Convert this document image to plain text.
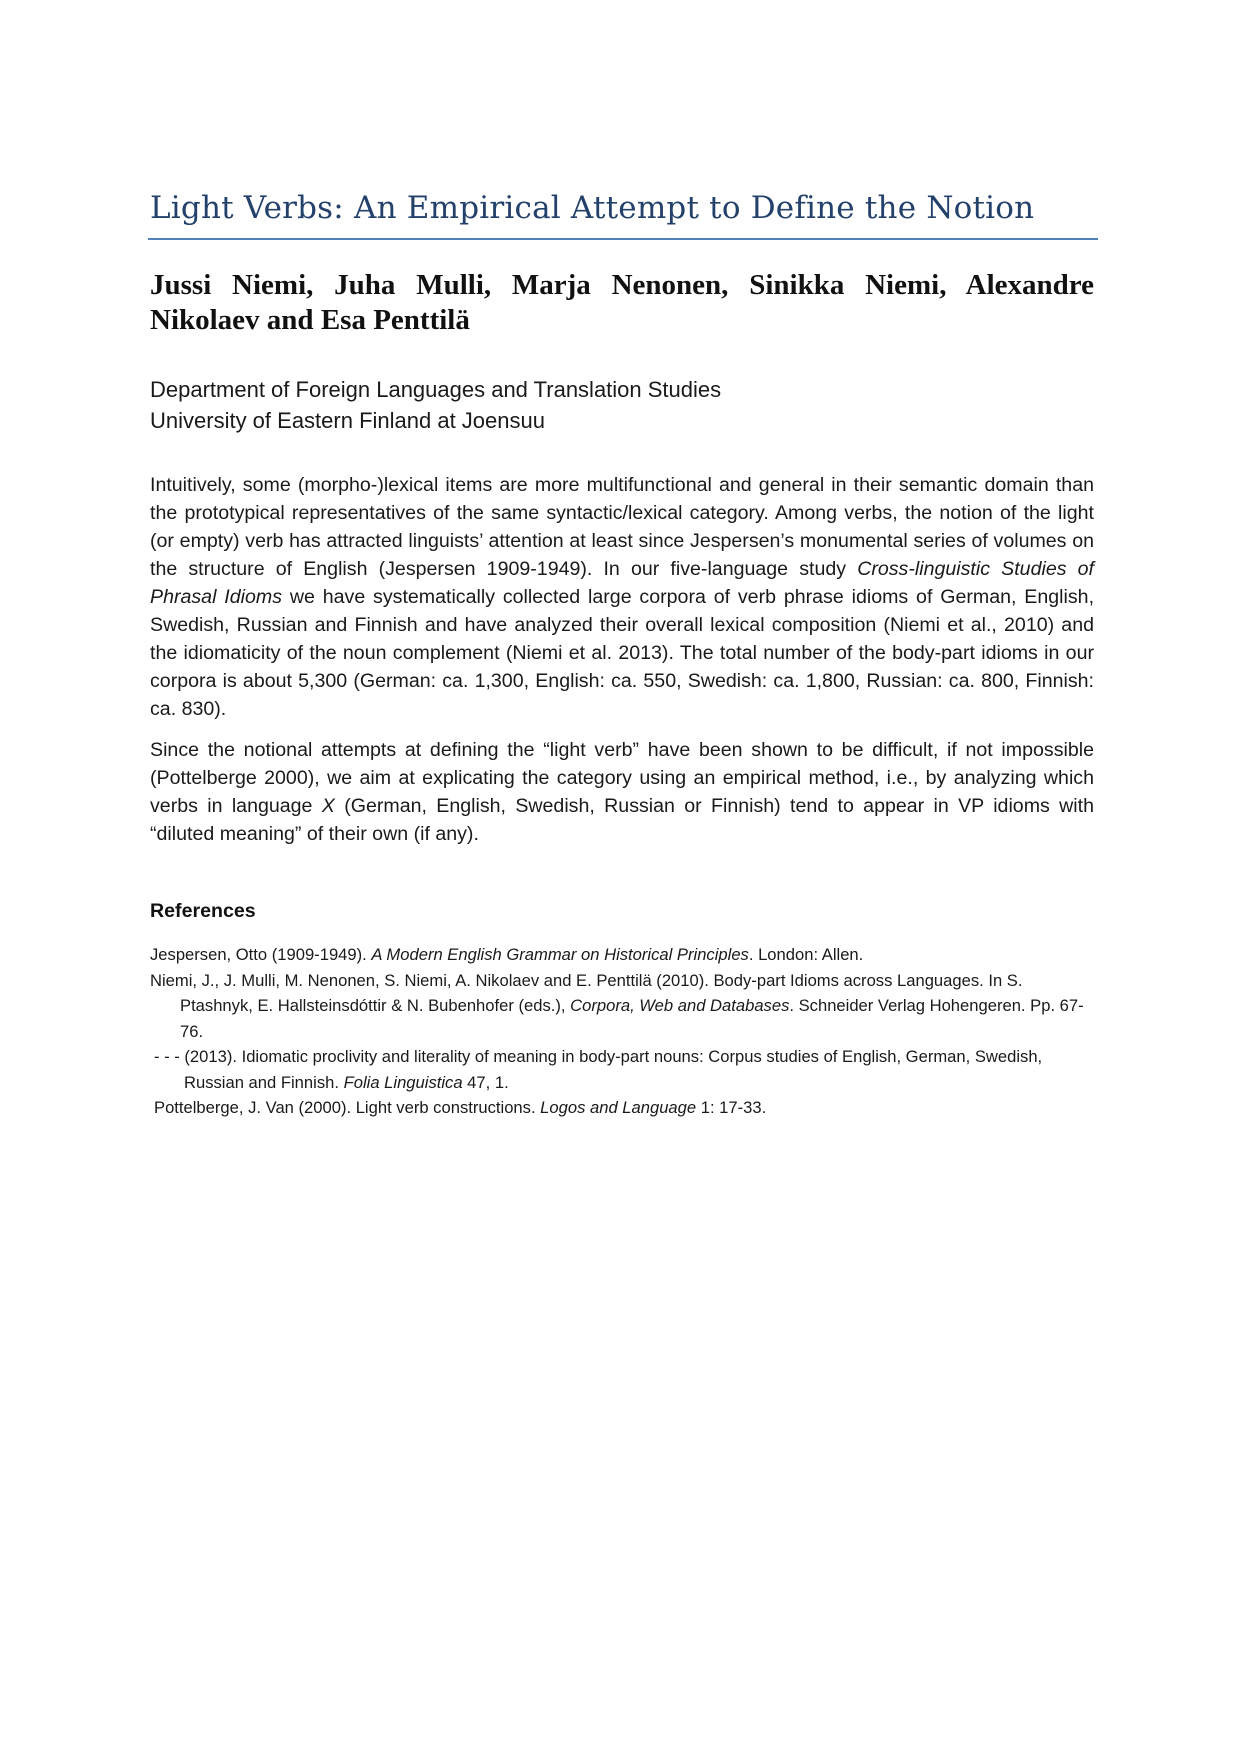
Light Verbs: An Empirical Attempt to Define the Notion
Jussi Niemi, Juha Mulli, Marja Nenonen, Sinikka Niemi, Alexandre Nikolaev and Esa Penttilä
Department of Foreign Languages and Translation Studies
University of Eastern Finland at Joensuu

Intuitively, some (morpho-)lexical items are more multifunctional and general in their semantic domain than the prototypical representatives of the same syntactic/lexical category. Among verbs, the notion of the light (or empty) verb has attracted linguists’ attention at least since Jespersen’s monumental series of volumes on the structure of English (Jespersen 1909-1949). In our five-language study Cross-linguistic Studies of Phrasal Idioms we have systematically collected large corpora of verb phrase idioms of German, English, Swedish, Russian and Finnish and have analyzed their overall lexical composition (Niemi et al., 2010) and the idiomaticity of the noun complement (Niemi et al. 2013). The total number of the body-part idioms in our corpora is about 5,300 (German: ca. 1,300, English: ca. 550, Swedish: ca. 1,800, Russian: ca. 800, Finnish: ca. 830).

Since the notional attempts at defining the “light verb” have been shown to be difficult, if not impossible (Pottelberge 2000), we aim at explicating the category using an empirical method, i.e., by analyzing which verbs in language X (German, English, Swedish, Russian or Finnish) tend to appear in VP idioms with “diluted meaning” of their own (if any).

References
Jespersen, Otto (1909-1949). A Modern English Grammar on Historical Principles. London: Allen.
Niemi, J., J. Mulli, M. Nenonen, S. Niemi, A. Nikolaev and E. Penttilä (2010). Body-part Idioms across Languages. In S. Ptashnyk, E. Hallsteinsdóttir & N. Bubenhofer (eds.), Corpora, Web and Databases. Schneider Verlag Hohengeren. Pp. 67-76.
- - - (2013). Idiomatic proclivity and literality of meaning in body-part nouns: Corpus studies of English, German, Swedish, Russian and Finnish. Folia Linguistica 47, 1.
Pottelberge, J. Van (2000). Light verb constructions. Logos and Language 1: 17-33.
